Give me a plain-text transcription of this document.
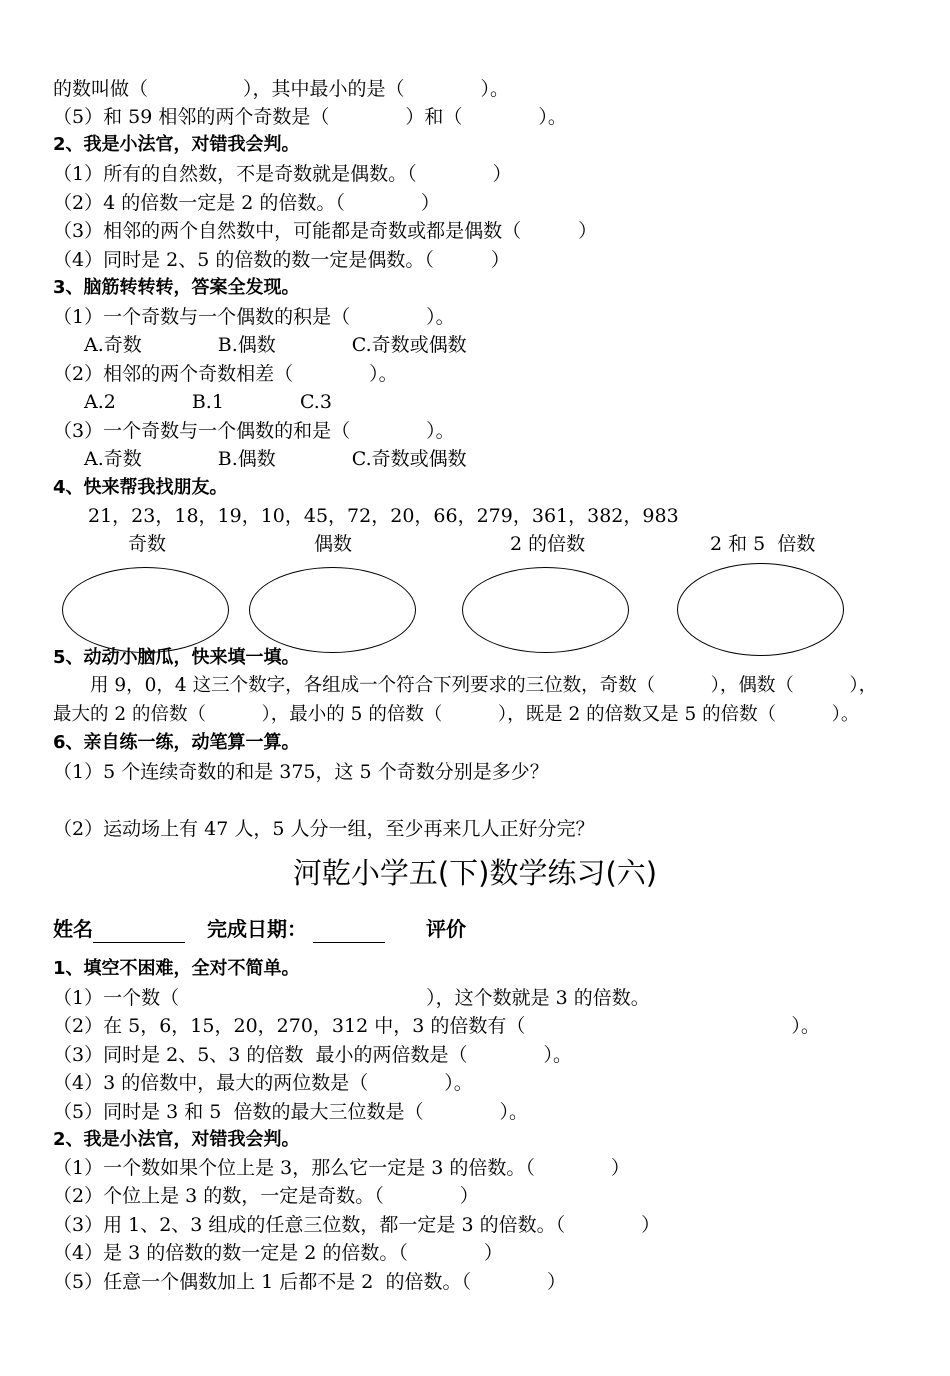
的数叫做（　　　　　），其中最小的是（　　　　）。
（5）和 59 相邻的两个奇数是（　　　　）和（　　　　）。
2、我是小法官，对错我会判。
（1）所有的自然数，不是奇数就是偶数。（　　　　）
（2）4 的倍数一定是 2 的倍数。（　　　　）
（3）相邻的两个自然数中，可能都是奇数或都是偶数（　　　）
（4）同时是 2、5 的倍数的数一定是偶数。（　　　）
3、脑筋转转转，答案全发现。
（1）一个奇数与一个偶数的积是（　　　　）。
A.奇数　　　　B.偶数　　　　C.奇数或偶数
（2）相邻的两个奇数相差（　　　　）。
A.2　　　　B.1　　　　C.3
（3）一个奇数与一个偶数的和是（　　　　）。
A.奇数　　　　B.偶数　　　　C.奇数或偶数
4、快来帮我找朋友。
21，23，18，19，10，45，72，20，66，279，361，382，983
奇数	偶数	2 的倍数	2 和 5  倍数
5、动动小脑瓜，快来填一填。
　　用 9，0，4 这三个数字，各组成一个符合下列要求的三位数，奇数（　　　），偶数（　　　），
最大的 2 的倍数（　　　），最小的 5 的倍数（　　　），既是 2 的倍数又是 5 的倍数（　　　）。
6、亲自练一练，动笔算一算。
（1）5 个连续奇数的和是 375，这 5 个奇数分别是多少？
（2）运动场上有 47 人，5 人分一组，至少再来几人正好分完？
河乾小学五(下)数学练习(六)
姓名	完成日期：	评价
1、填空不困难，全对不简单。
（1）一个数（　　　　　　　　　　　　　），这个数就是 3 的倍数。
（2）在 5，6，15，20，270，312 中，3 的倍数有（　　　　　　　　　　　　　　）。
（3）同时是 2、5、3 的倍数  最小的两倍数是（　　　　）。
（4）3 的倍数中，最大的两位数是（　　　　）。
（5）同时是 3 和 5  倍数的最大三位数是（　　　　）。
2、我是小法官，对错我会判。
（1）一个数如果个位上是 3，那么它一定是 3 的倍数。（　　　　）
（2）个位上是 3 的数，一定是奇数。（　　　　）
（3）用 1、2、3 组成的任意三位数，都一定是 3 的倍数。（　　　　）
（4）是 3 的倍数的数一定是 2 的倍数。（　　　　）
（5）任意一个偶数加上 1 后都不是 2  的倍数。（　　　　）
